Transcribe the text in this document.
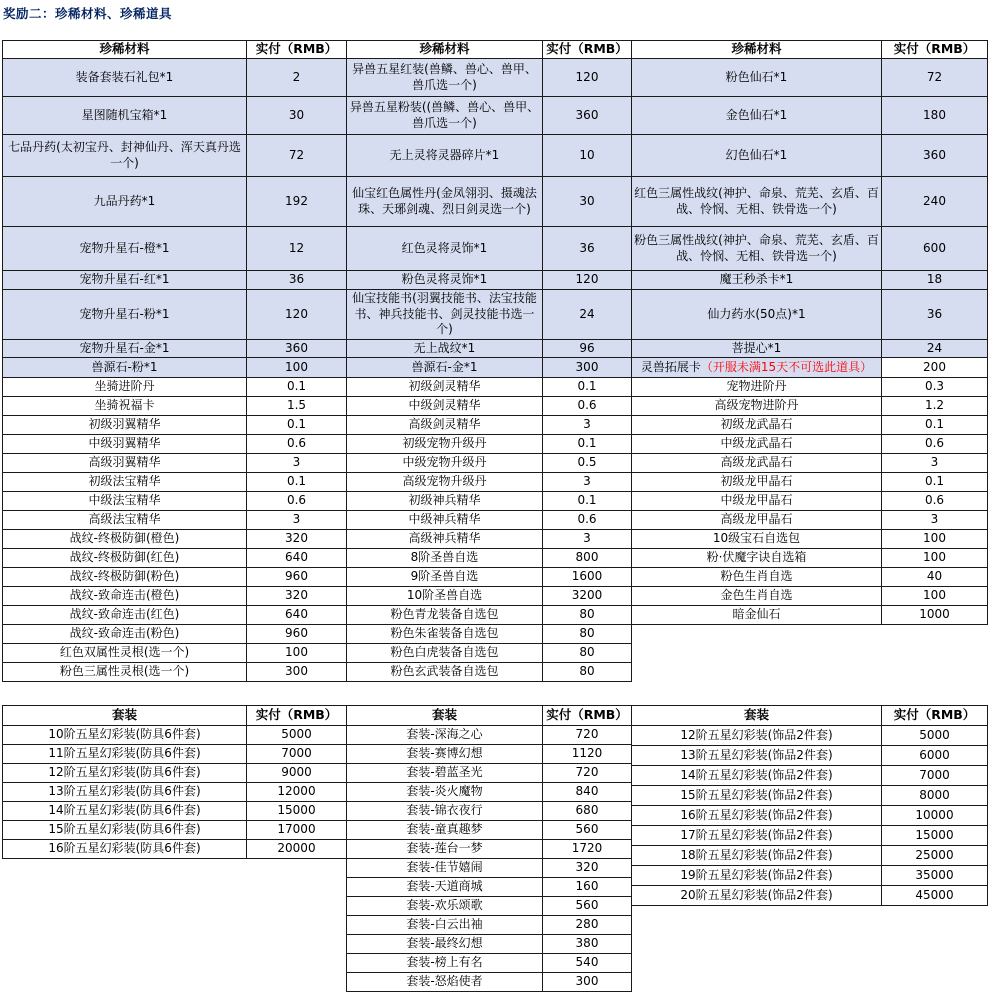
奖励二：珍稀材料、珍稀道具
珍稀材料	实付（RMB）	珍稀材料	实付（RMB）	珍稀材料	实付（RMB）
装备套装石礼包*1	2	异兽五星红装(兽鳞、兽心、兽甲、兽爪选一个)	120	粉色仙石*1	72
星图随机宝箱*1	30	异兽五星粉装((兽鳞、兽心、兽甲、兽爪选一个)	360	金色仙石*1	180
七品丹药(太初宝丹、封神仙丹、浑天真丹选一个)	72	无上灵将灵器碎片*1	10	幻色仙石*1	360
九品丹药*1	192	仙宝红色属性丹(金凤翎羽、摄魂法珠、天琊剑魂、烈日剑灵选一个)	30	红色三属性战纹(神护、命泉、荒芜、玄盾、百战、怜悯、无相、铁骨选一个)	240
宠物升星石-橙*1	12	红色灵将灵饰*1	36	粉色三属性战纹(神护、命泉、荒芜、玄盾、百战、怜悯、无相、铁骨选一个)	600
宠物升星石-红*1	36	粉色灵将灵饰*1	120	魔王秒杀卡*1	18
宠物升星石-粉*1	120	仙宝技能书(羽翼技能书、法宝技能书、神兵技能书、剑灵技能书选一个)	24	仙力药水(50点)*1	36
宠物升星石-金*1	360	无上战纹*1	96	菩提心*1	24
兽源石-粉*1	100	兽源石-金*1	300	灵兽拓展卡（开服未满15天不可选此道具）	200
坐骑进阶丹	0.1	初级剑灵精华	0.1	宠物进阶丹	0.3
坐骑祝福卡	1.5	中级剑灵精华	0.6	高级宠物进阶丹	1.2
初级羽翼精华	0.1	高级剑灵精华	3	初级龙武晶石	0.1
中级羽翼精华	0.6	初级宠物升级丹	0.1	中级龙武晶石	0.6
高级羽翼精华	3	中级宠物升级丹	0.5	高级龙武晶石	3
初级法宝精华	0.1	高级宠物升级丹	3	初级龙甲晶石	0.1
中级法宝精华	0.6	初级神兵精华	0.1	中级龙甲晶石	0.6
高级法宝精华	3	中级神兵精华	0.6	高级龙甲晶石	3
战纹-终极防御(橙色)	320	高级神兵精华	3	10级宝石自选包	100
战纹-终极防御(红色)	640	8阶圣兽自选	800	粉·伏魔字诀自选箱	100
战纹-终极防御(粉色)	960	9阶圣兽自选	1600	粉色生肖自选	40
战纹-致命连击(橙色)	320	10阶圣兽自选	3200	金色生肖自选	100
战纹-致命连击(红色)	640	粉色青龙装备自选包	80	暗金仙石	1000
战纹-致命连击(粉色)	960	粉色朱雀装备自选包	80		
红色双属性灵根(选一个)	100	粉色白虎装备自选包	80		
粉色三属性灵根(选一个)	300	粉色玄武装备自选包	80		
套装	实付（RMB）
10阶五星幻彩装(防具6件套)	5000
11阶五星幻彩装(防具6件套)	7000
12阶五星幻彩装(防具6件套)	9000
13阶五星幻彩装(防具6件套)	12000
14阶五星幻彩装(防具6件套)	15000
15阶五星幻彩装(防具6件套)	17000
16阶五星幻彩装(防具6件套)	20000
套装	实付（RMB）
套装-深海之心	720
套装-赛博幻想	1120
套装-碧蓝圣光	720
套装-炎火魔物	840
套装-锦衣夜行	680
套装-童真趣梦	560
套装-莲台一梦	1720
套装-佳节嬉闹	320
套装-天道商城	160
套装-欢乐颂歌	560
套装-白云出袖	280
套装-最终幻想	380
套装-榜上有名	540
套装-怒焰使者	300
套装	实付（RMB）
12阶五星幻彩装(饰品2件套)	5000
13阶五星幻彩装(饰品2件套)	6000
14阶五星幻彩装(饰品2件套)	7000
15阶五星幻彩装(饰品2件套)	8000
16阶五星幻彩装(饰品2件套)	10000
17阶五星幻彩装(饰品2件套)	15000
18阶五星幻彩装(饰品2件套)	25000
19阶五星幻彩装(饰品2件套)	35000
20阶五星幻彩装(饰品2件套)	45000
